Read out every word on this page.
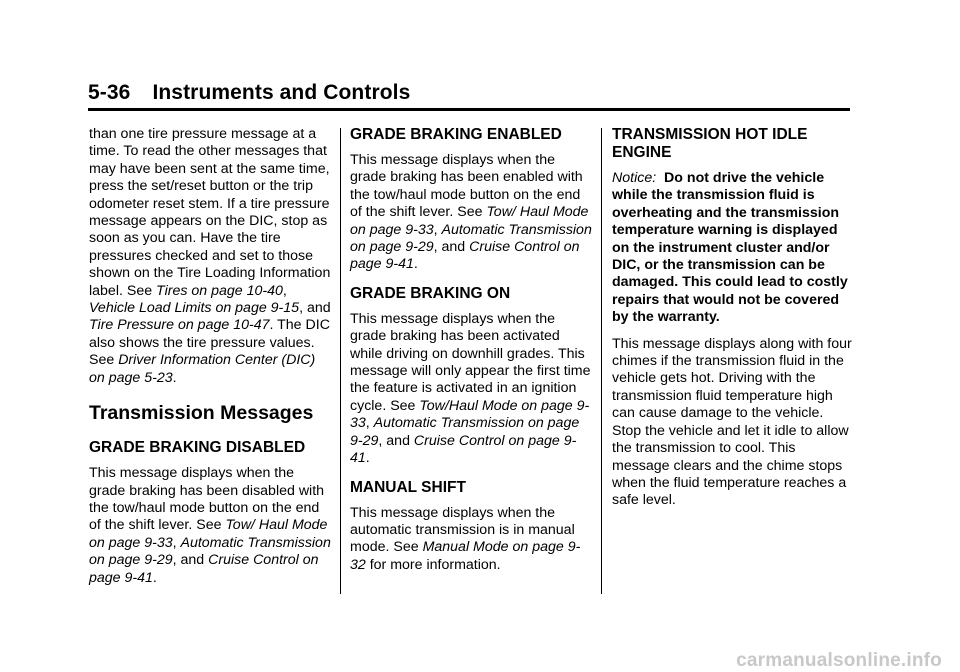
5-36 Instruments and Controls

than one tire pressure message at a time. To read the other messages that may have been sent at the same time, press the set/reset button or the trip odometer reset stem. If a tire pressure message appears on the DIC, stop as soon as you can. Have the tire pressures checked and set to those shown on the Tire Loading Information label. See Tires on page 10-40, Vehicle Load Limits on page 9-15, and Tire Pressure on page 10-47. The DIC also shows the tire pressure values. See Driver Information Center (DIC) on page 5-23.

Transmission Messages
GRADE BRAKING DISABLED

This message displays when the grade braking has been disabled with the tow/haul mode button on the end of the shift lever. See Tow/ Haul Mode on page 9-33, Automatic Transmission on page 9-29, and Cruise Control on page 9-41.

GRADE BRAKING ENABLED

This message displays when the grade braking has been enabled with the tow/haul mode button on the end of the shift lever. See Tow/ Haul Mode on page 9-33, Automatic Transmission on page 9-29, and Cruise Control on page 9-41.

GRADE BRAKING ON

This message displays when the grade braking has been activated while driving on downhill grades. This message will only appear the first time the feature is activated in an ignition cycle. See Tow/Haul Mode on page 9-33, Automatic Transmission on page 9-29, and Cruise Control on page 9-41.

MANUAL SHIFT

This message displays when the automatic transmission is in manual mode. See Manual Mode on page 9-32 for more information.

TRANSMISSION HOT IDLE ENGINE

Notice: Do not drive the vehicle while the transmission fluid is overheating and the transmission temperature warning is displayed on the instrument cluster and/or DIC, or the transmission can be damaged. This could lead to costly repairs that would not be covered by the warranty.

This message displays along with four chimes if the transmission fluid in the vehicle gets hot. Driving with the transmission fluid temperature high can cause damage to the vehicle. Stop the vehicle and let it idle to allow the transmission to cool. This message clears and the chime stops when the fluid temperature reaches a safe level.

carmanualsonline.info
